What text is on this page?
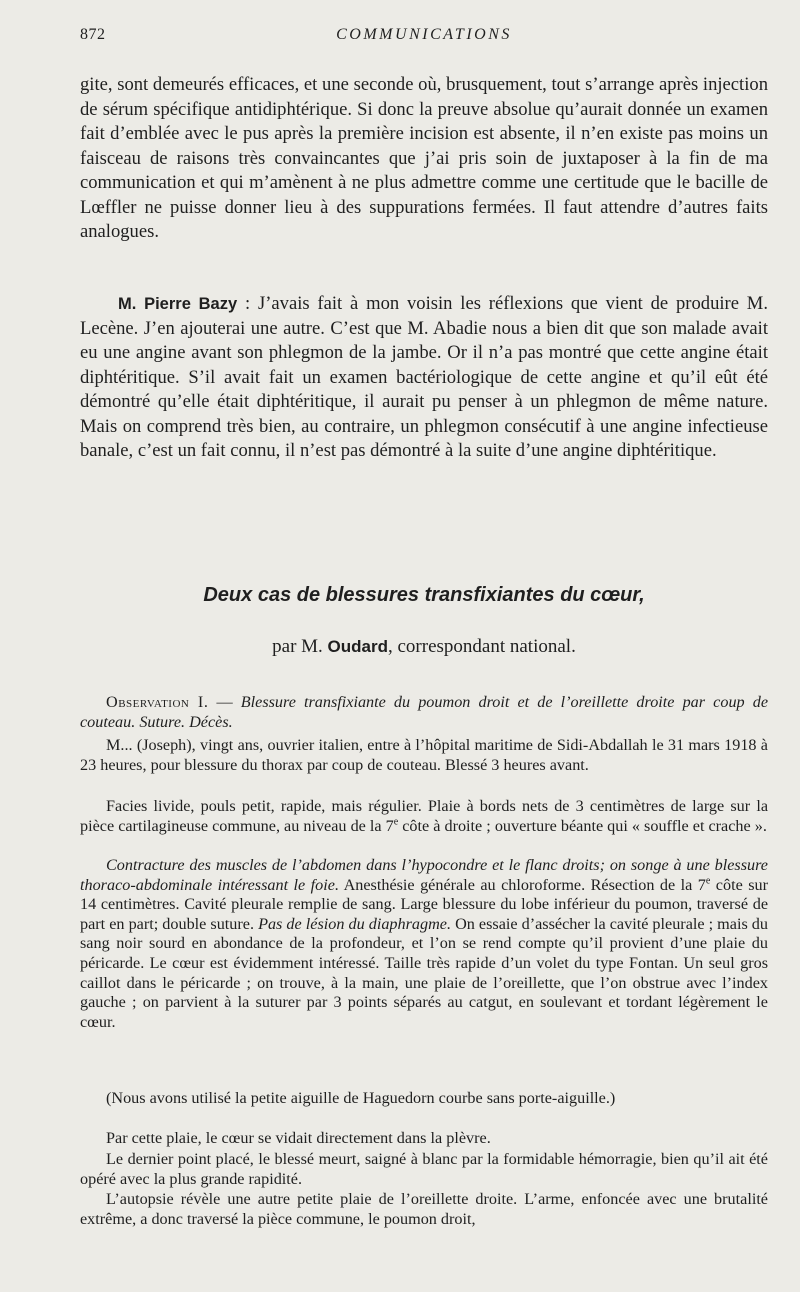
872	COMMUNICATIONS

gite, sont demeurés efficaces, et une seconde où, brusquement, tout s’arrange après injection de sérum spécifique antidiphtérique. Si donc la preuve absolue qu’aurait donnée un examen fait d’emblée avec le pus après la première incision est absente, il n’en existe pas moins un faisceau de raisons très convaincantes que j’ai pris soin de juxtaposer à la fin de ma communication et qui m’amènent à ne plus admettre comme une certitude que le bacille de Lœffler ne puisse donner lieu à des suppurations fermées. Il faut attendre d’autres faits analogues.

M. Pierre Bazy : J’avais fait à mon voisin les réflexions que vient de produire M. Lecène. J’en ajouterai une autre. C’est que M. Abadie nous a bien dit que son malade avait eu une angine avant son phlegmon de la jambe. Or il n’a pas montré que cette angine était diphtéritique. S’il avait fait un examen bactériologique de cette angine et qu’il eût été démontré qu’elle était diphtéritique, il aurait pu penser à un phlegmon de même nature. Mais on comprend très bien, au contraire, un phlegmon consécutif à une angine infectieuse banale, c’est un fait connu, il n’est pas démontré à la suite d’une angine diphtéritique.

Deux cas de blessures transfixiantes du cœur,
par M. Oudard, correspondant national.

Observation I. — Blessure transfixiante du poumon droit et de l’oreillette droite par coup de couteau. Suture. Décès.

M... (Joseph), vingt ans, ouvrier italien, entre à l’hôpital maritime de Sidi-Abdallah le 31 mars 1918 à 23 heures, pour blessure du thorax par coup de couteau. Blessé 3 heures avant.

Facies livide, pouls petit, rapide, mais régulier. Plaie à bords nets de 3 centimètres de large sur la pièce cartilagineuse commune, au niveau de la 7e côte à droite ; ouverture béante qui « souffle et crache ».

Contracture des muscles de l’abdomen dans l’hypocondre et le flanc droits; on songe à une blessure thoraco-abdominale intéressant le foie. Anesthésie générale au chloroforme. Résection de la 7e côte sur 14 centimètres. Cavité pleurale remplie de sang. Large blessure du lobe inférieur du poumon, traversé de part en part; double suture. Pas de lésion du diaphragme. On essaie d’assécher la cavité pleurale ; mais du sang noir sourd en abondance de la profondeur, et l’on se rend compte qu’il provient d’une plaie du péricarde. Le cœur est évidemment intéressé. Taille très rapide d’un volet du type Fontan. Un seul gros caillot dans le péricarde ; on trouve, à la main, une plaie de l’oreillette, que l’on obstrue avec l’index gauche ; on parvient à la suturer par 3 points séparés au catgut, en soulevant et tordant légèrement le cœur.

(Nous avons utilisé la petite aiguille de Haguedorn courbe sans porte-aiguille.)

Par cette plaie, le cœur se vidait directement dans la plèvre.

Le dernier point placé, le blessé meurt, saigné à blanc par la formidable hémorragie, bien qu’il ait été opéré avec la plus grande rapidité.

L’autopsie révèle une autre petite plaie de l’oreillette droite. L’arme, enfoncée avec une brutalité extrême, a donc traversé la pièce commune, le poumon droit,
